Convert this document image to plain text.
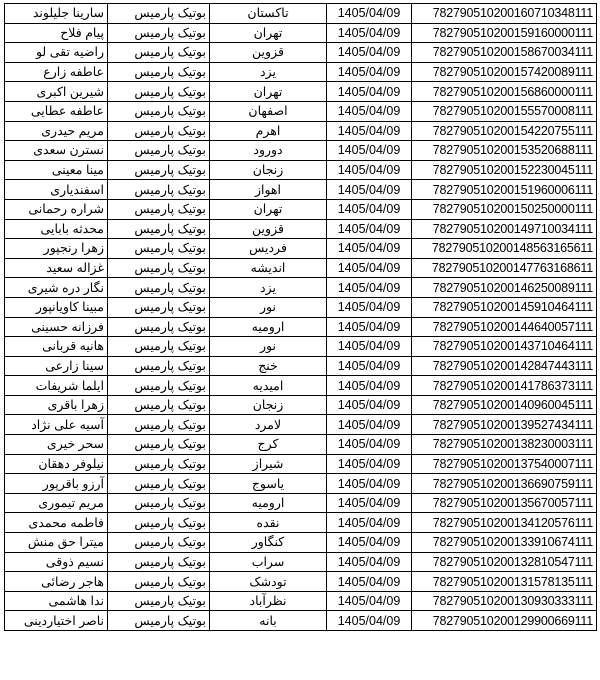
سارینا جلیلوند	بوتیک پارمیس	تاکستان	1405/04/09	782790510200160710348111
پیام فلاح	بوتیک پارمیس	تهران	1405/04/09	782790510200159160000111
راضیه تقی لو	بوتیک پارمیس	قزوین	1405/04/09	782790510200158670034111
عاطفه زارع	بوتیک پارمیس	یزد	1405/04/09	782790510200157420089111
شیرین اکبری	بوتیک پارمیس	تهران	1405/04/09	782790510200156860000111
عاطفه عطایی	بوتیک پارمیس	اصفهان	1405/04/09	782790510200155570008111
مریم حیدری	بوتیک پارمیس	اهرم	1405/04/09	782790510200154220755111
نسترن سعدی	بوتیک پارمیس	دورود	1405/04/09	782790510200153520688111
مینا معینی	بوتیک پارمیس	زنجان	1405/04/09	782790510200152230045111
اسفندیاری	بوتیک پارمیس	اهواز	1405/04/09	782790510200151960006111
شراره رحمانی	بوتیک پارمیس	تهران	1405/04/09	782790510200150250000111
محدثه بابایی	بوتیک پارمیس	قزوین	1405/04/09	782790510200149710034111
زهرا رنجپور	بوتیک پارمیس	فردیس	1405/04/09	782790510200148563165611
غزاله سعید	بوتیک پارمیس	اندیشه	1405/04/09	782790510200147763168611
نگار دره شیری	بوتیک پارمیس	یزد	1405/04/09	782790510200146250089111
مبینا کاویانپور	بوتیک پارمیس	نور	1405/04/09	782790510200145910464111
فرزانه حسینی	بوتیک پارمیس	ارومیه	1405/04/09	782790510200144640057111
هانیه قربانی	بوتیک پارمیس	نور	1405/04/09	782790510200143710464111
سینا زارعی	بوتیک پارمیس	خنج	1405/04/09	782790510200142847443111
ایلما شریفات	بوتیک پارمیس	امیدیه	1405/04/09	782790510200141786373111
زهرا باقری	بوتیک پارمیس	زنجان	1405/04/09	782790510200140960045111
آسیه علی نژاد	بوتیک پارمیس	لامرد	1405/04/09	782790510200139527434111
سحر خیری	بوتیک پارمیس	کرج	1405/04/09	782790510200138230003111
نیلوفر دهقان	بوتیک پارمیس	شیراز	1405/04/09	782790510200137540007111
آرزو باقرپور	بوتیک پارمیس	یاسوج	1405/04/09	782790510200136690759111
مریم تیموری	بوتیک پارمیس	ارومیه	1405/04/09	782790510200135670057111
فاطمه محمدی	بوتیک پارمیس	نقده	1405/04/09	782790510200134120576111
میترا حق منش	بوتیک پارمیس	کنگاور	1405/04/09	782790510200133910674111
نسیم ذوقی	بوتیک پارمیس	سراب	1405/04/09	782790510200132810547111
هاجر رضائی	بوتیک پارمیس	تودشک	1405/04/09	782790510200131578135111
ندا هاشمی	بوتیک پارمیس	نظرآباد	1405/04/09	782790510200130930333111
ناصر اختیاردینی	بوتیک پارمیس	بانه	1405/04/09	782790510200129900669111
